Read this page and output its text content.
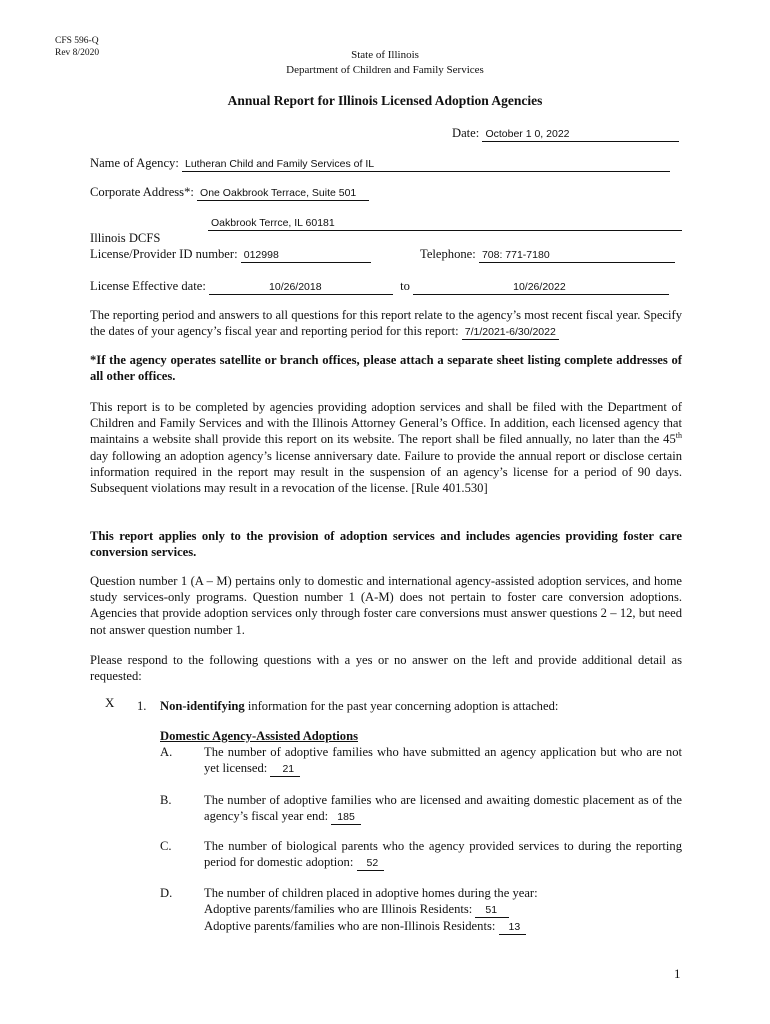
CFS 596-Q
Rev 8/2020	State of Illinois
Department of Children and Family Services
Annual Report for Illinois Licensed Adoption Agencies
Date: October 1 0, 2022
Name of Agency: Lutheran Child and Family Services of IL
Corporate Address*: One Oakbrook Terrace, Suite 501
Oakbrook Terrce, IL 60181
Illinois DCFS
License/Provider ID number: 012998	Telephone: 708: 771-7180
License Effective date:	10/26/2018	to	10/26/2022
The reporting period and answers to all questions for this report relate to the agency’s most recent fiscal year. Specify the dates of your agency’s fiscal year and reporting period for this report: 7/1/2021-6/30/2022
*If the agency operates satellite or branch offices, please attach a separate sheet listing complete addresses of all other offices.
This report is to be completed by agencies providing adoption services and shall be filed with the Department of Children and Family Services and with the Illinois Attorney General’s Office. In addition, each licensed agency that maintains a website shall provide this report on its website. The report shall be filed annually, no later than the 45th day following an adoption agency’s license anniversary date. Failure to provide the annual report or disclose certain information required in the report may result in the suspension of an agency’s license for a period of 90 days. Subsequent violations may result in a revocation of the license. [Rule 401.530]
This report applies only to the provision of adoption services and includes agencies providing foster care conversion services.
Question number 1 (A – M) pertains only to domestic and international agency-assisted adoption services, and home study services-only programs. Question number 1 (A-M) does not pertain to foster care conversion adoptions. Agencies that provide adoption services only through foster care conversions must answer questions 2 – 12, but need not answer question number 1.
Please respond to the following questions with a yes or no answer on the left and provide additional detail as requested:
X 1. Non-identifying information for the past year concerning adoption is attached:
Domestic Agency-Assisted Adoptions
A.	The number of adoptive families who have submitted an agency application but who are not yet licensed: 21
B.	The number of adoptive families who are licensed and awaiting domestic placement as of the agency’s fiscal year end: 185
C.	The number of biological parents who the agency provided services to during the reporting period for domestic adoption: 52
D.	The number of children placed in adoptive homes during the year:
Adoptive parents/families who are Illinois Residents: 51
Adoptive parents/families who are non-Illinois Residents: 13
1
